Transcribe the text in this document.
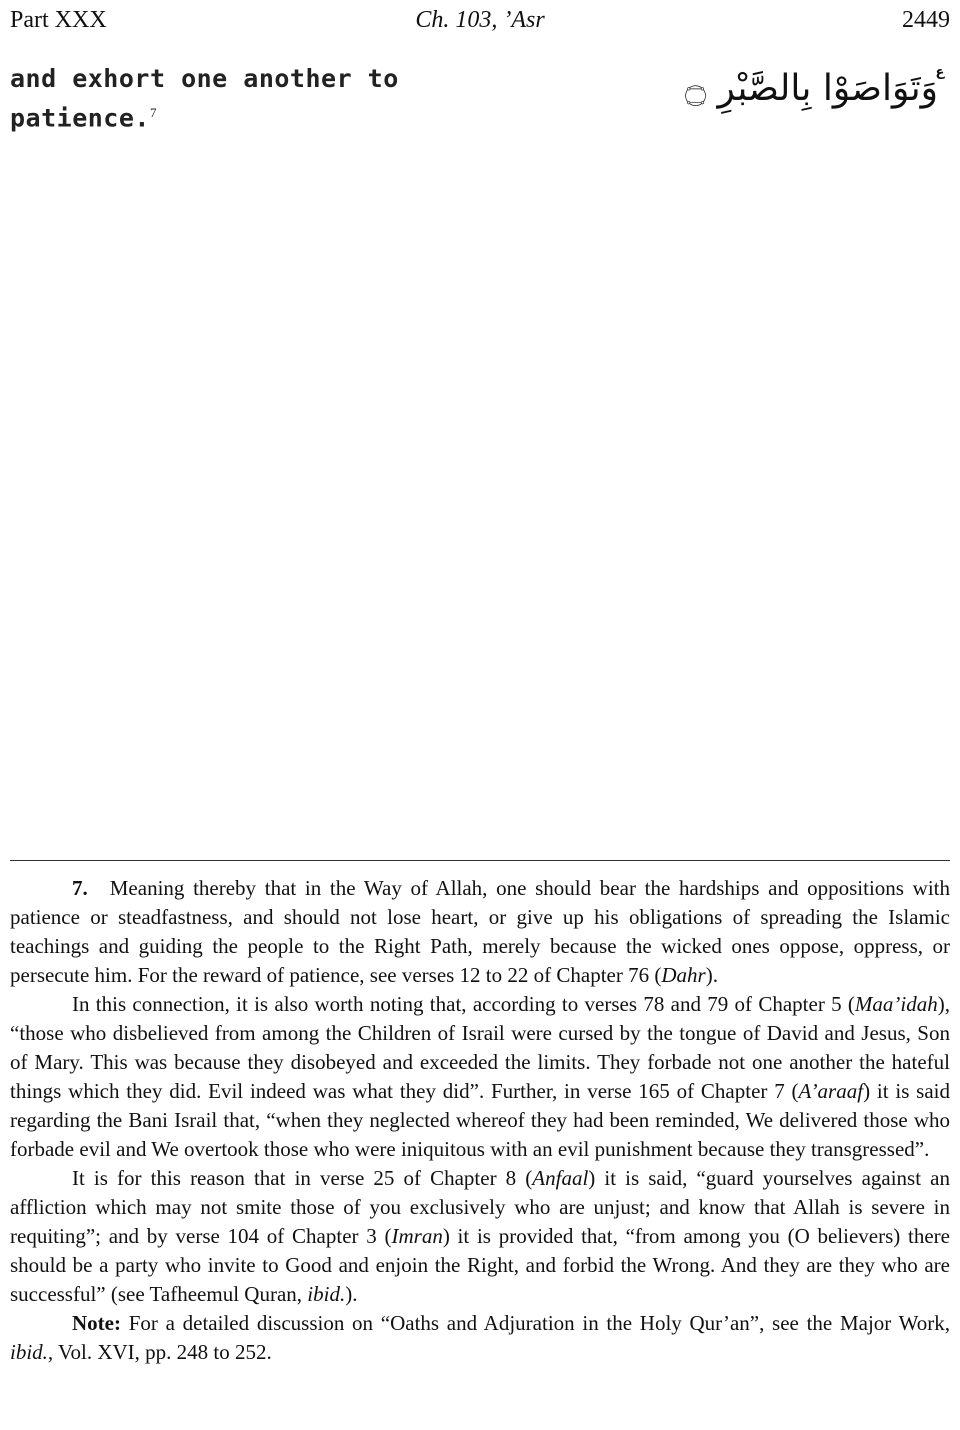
Part XXX	Ch. 103, ’Asr	2449
and exhort one another to
patience.$^7$
وَتَوَاصَوْا بِالصَّبْرِ ۝
ع

7. Meaning thereby that in the Way of Allah, one should bear the hardships and oppositions with patience or steadfastness, and should not lose heart, or give up his obligations of spreading the Islamic teachings and guiding the people to the Right Path, merely because the wicked ones oppose, oppress, or persecute him. For the reward of patience, see verses 12 to 22 of Chapter 76 (Dahr).

In this connection, it is also worth noting that, according to verses 78 and 79 of Chapter 5 (Maa’idah), “those who disbelieved from among the Children of Israil were cursed by the tongue of David and Jesus, Son of Mary. This was because they disobeyed and exceeded the limits. They forbade not one another the hateful things which they did. Evil indeed was what they did”. Further, in verse 165 of Chapter 7 (A’araaf) it is said regarding the Bani Israil that, “when they neglected whereof they had been reminded, We delivered those who forbade evil and We overtook those who were iniquitous with an evil punishment because they transgressed”.

It is for this reason that in verse 25 of Chapter 8 (Anfaal) it is said, “guard yourselves against an affliction which may not smite those of you exclusively who are unjust; and know that Allah is severe in requiting”; and by verse 104 of Chapter 3 (Imran) it is provided that, “from among you (O believers) there should be a party who invite to Good and enjoin the Right, and forbid the Wrong. And they are they who are successful” (see Tafheemul Quran, ibid.).

Note: For a detailed discussion on “Oaths and Adjuration in the Holy Qur’an”, see the Major Work, ibid., Vol. XVI, pp. 248 to 252.
